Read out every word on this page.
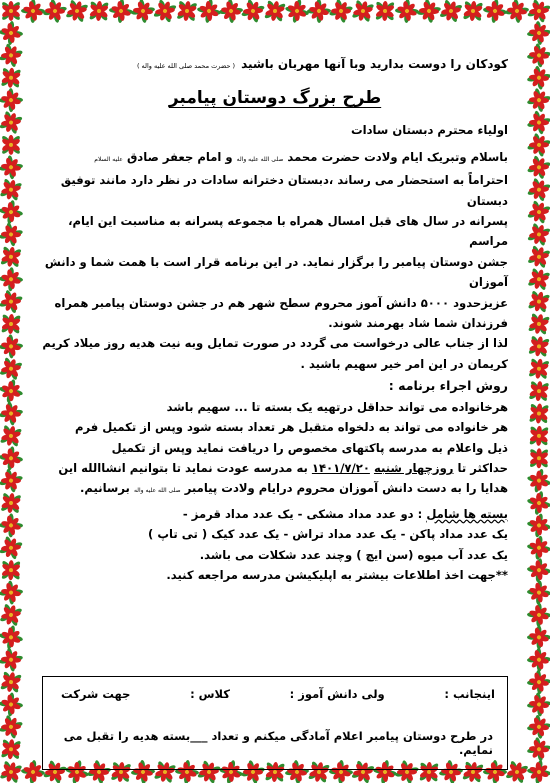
کودکان را دوست بدارید وبا آنها مهربان باشید
( حضرت محمد صلی الله علیه واله )
طرح بزرگ دوستان پیامبر

اولیاء محترم دبستان سادات

باسلام وتبریک ایام ولادت حضرت محمد صلی الله علیه واله و امام جعفر صادق علیه السلام

احتراماً به استحضار می رساند ،دبستان دخترانه سادات در نظر دارد مانند توفیق دبستان

پسرانه در سال های قبل امسال همراه با مجموعه پسرانه به مناسبت این ایام، مراسم

جشن دوستان پیامبر را برگزار نماید. در این برنامه قرار است با همت شما و دانش آموزان

عزیزحدود ۵۰۰۰ دانش آموز محروم سطح شهر هم در جشن دوستان پیامبر همراه

فرزندان شما شاد بهرمند شوند.

لذا از جناب عالی درخواست می گردد در صورت تمایل وبه نیت هدیه روز میلاد کریم

کریمان در این امر خیر سهیم باشید .

روش اجراء برنامه :

هرخانواده می تواند حداقل درتهیه یک بسته تا ... سهیم باشد

هر خانواده می تواند به دلخواه متقبل هر تعداد بسته شود وپس از تکمیل فرم

ذیل واعلام به مدرسه پاکتهای مخصوص را دریافت نماید وپس از تکمیل

حداکثر تا روزچهار شنبه ۱۴۰۱/۷/۲۰ به مدرسه عودت نماید تا بتوانیم انشاالله این

هدایا را به دست دانش آموزان محروم درایام ولادت پیامبر صلی الله علیه واله برسانیم.

بسته ها شامل : دو عدد مداد مشکی - یک عدد مداد قرمز -

یک عدد مداد پاکن - یک عدد مداد تراش - یک عدد کیک ( تی تاپ )

یک عدد آب میوه (سن ایچ ) وچند عدد شکلات می باشد.

**جهت اخذ اطلاعات بیشتر به اپلیکیشن مدرسه مراجعه کنید.

اینجانب :
ولی دانش آموز :
کلاس :
جهت شرکت
در طرح دوستان پیامبر اعلام آمادگی میکنم و تعداد ___بسته هدیه را تقبل می نمایم.
